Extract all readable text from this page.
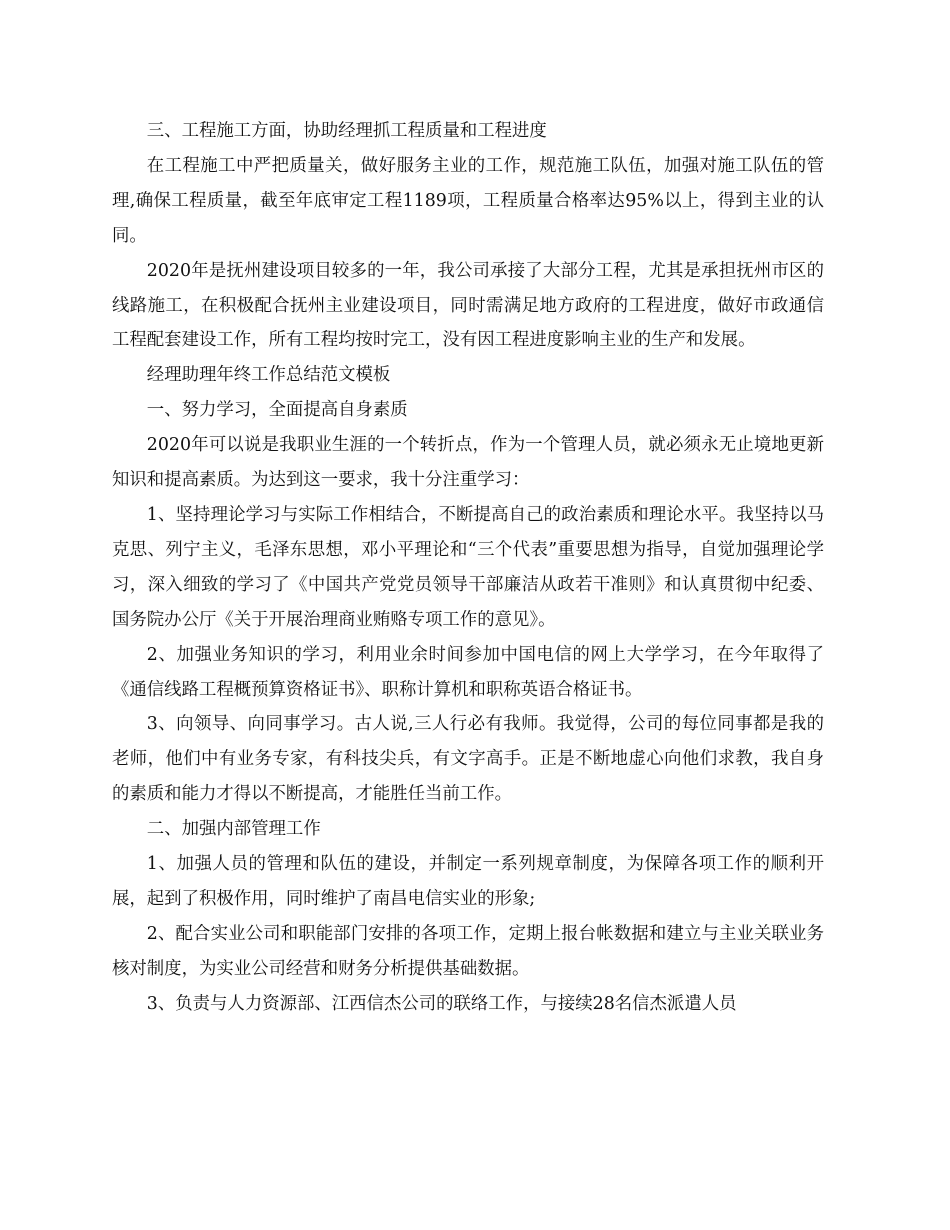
三、工程施工方面，协助经理抓工程质量和工程进度

在工程施工中严把质量关，做好服务主业的工作，规范施工队伍，加强对施工队伍的管理,确保工程质量，截至年底审定工程1189项，工程质量合格率达95%以上，得到主业的认同。

2020年是抚州建设项目较多的一年，我公司承接了大部分工程，尤其是承担抚州市区的线路施工，在积极配合抚州主业建设项目，同时需满足地方政府的工程进度，做好市政通信工程配套建设工作，所有工程均按时完工，没有因工程进度影响主业的生产和发展。

经理助理年终工作总结范文模板

一、努力学习，全面提高自身素质

2020年可以说是我职业生涯的一个转折点，作为一个管理人员，就必须永无止境地更新知识和提高素质。为达到这一要求，我十分注重学习：

1、坚持理论学习与实际工作相结合，不断提高自己的政治素质和理论水平。我坚持以马克思、列宁主义，毛泽东思想，邓小平理论和“三个代表”重要思想为指导，自觉加强理论学习，深入细致的学习了《中国共产党党员领导干部廉洁从政若干准则》和认真贯彻中纪委、国务院办公厅《关于开展治理商业贿赂专项工作的意见》。

2、加强业务知识的学习，利用业余时间参加中国电信的网上大学学习，在今年取得了《通信线路工程概预算资格证书》、职称计算机和职称英语合格证书。

3、向领导、向同事学习。古人说,三人行必有我师。我觉得，公司的每位同事都是我的老师，他们中有业务专家，有科技尖兵，有文字高手。正是不断地虚心向他们求教，我自身的素质和能力才得以不断提高，才能胜任当前工作。

二、加强内部管理工作

1、加强人员的管理和队伍的建设，并制定一系列规章制度，为保障各项工作的顺利开展，起到了积极作用，同时维护了南昌电信实业的形象;

2、配合实业公司和职能部门安排的各项工作，定期上报台帐数据和建立与主业关联业务核对制度，为实业公司经营和财务分析提供基础数据。

3、负责与人力资源部、江西信杰公司的联络工作，与接续28名信杰派遣人员
